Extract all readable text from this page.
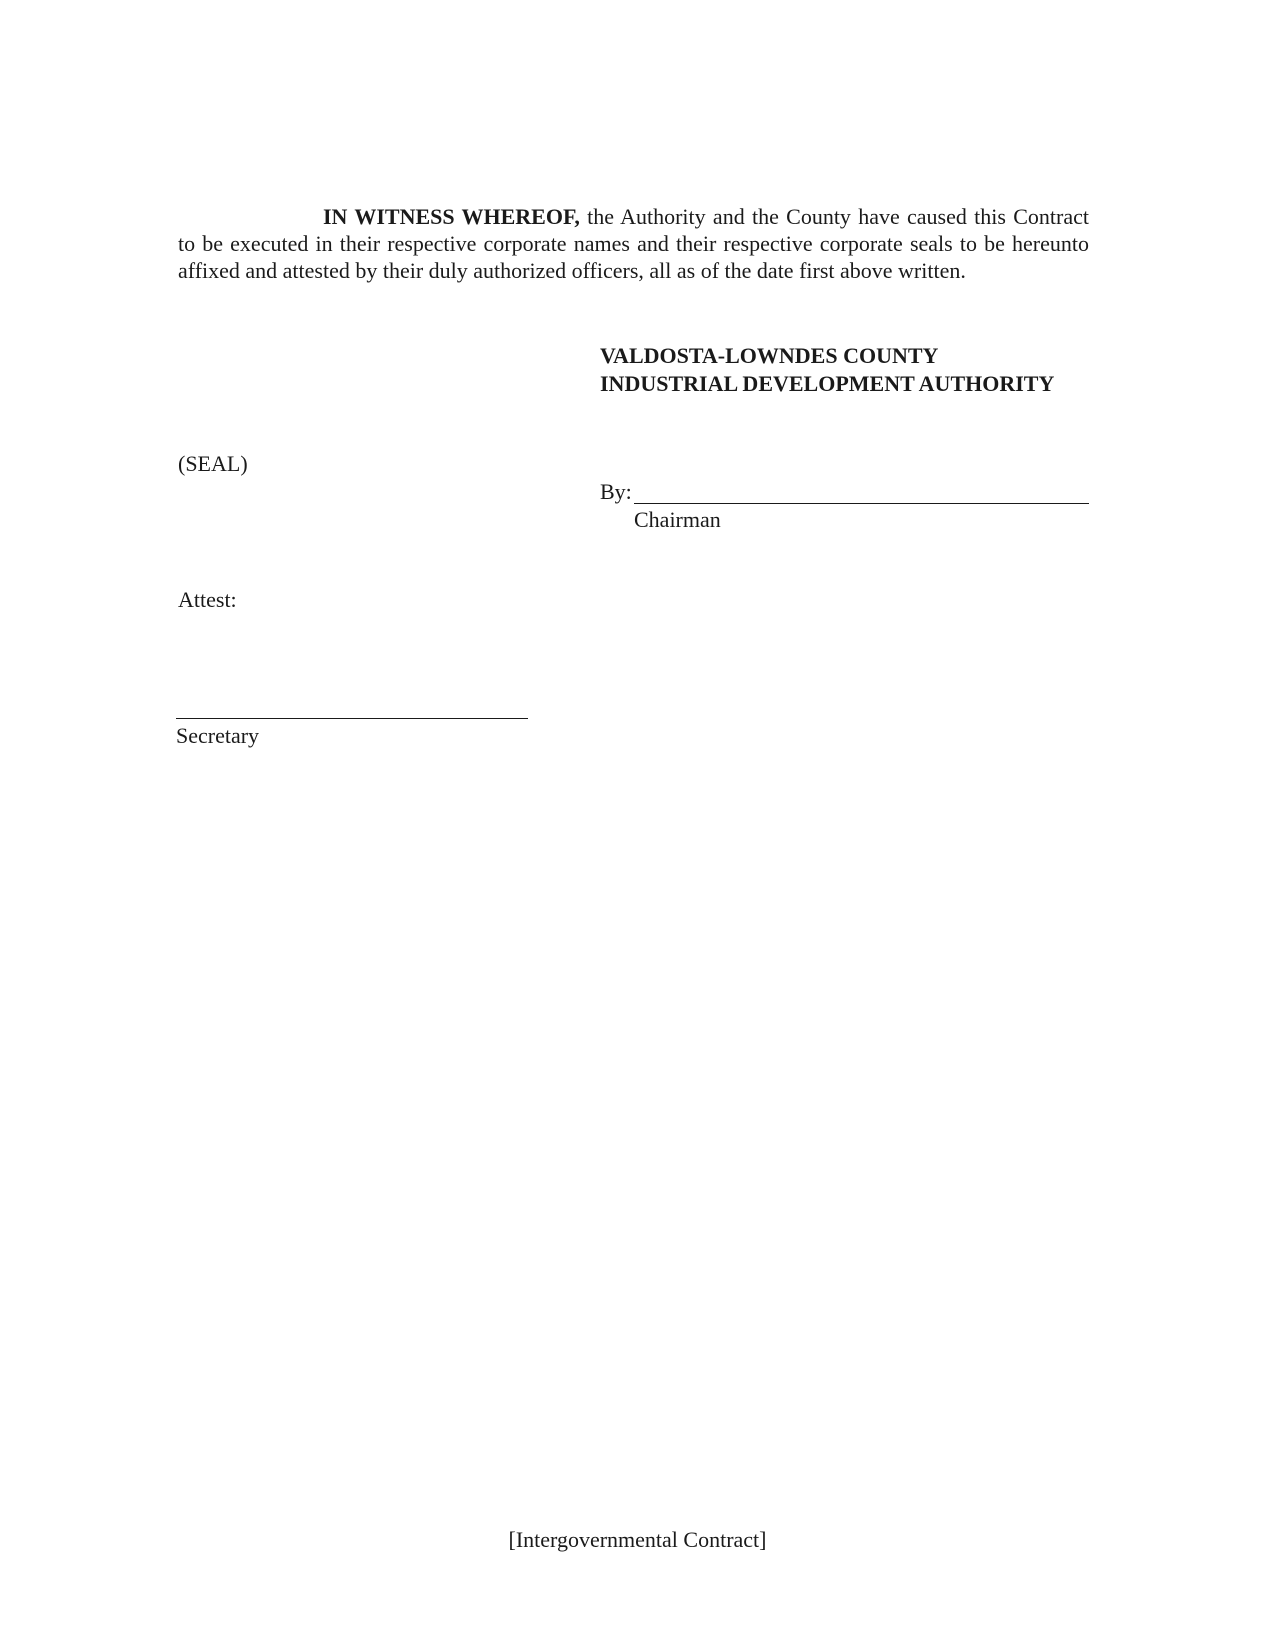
IN WITNESS WHEREOF, the Authority and the County have caused this Contract to be executed in their respective corporate names and their respective corporate seals to be hereunto affixed and attested by their duly authorized officers, all as of the date first above written.

VALDOSTA-LOWNDES COUNTY
INDUSTRIAL DEVELOPMENT AUTHORITY
(SEAL)
By:
Chairman
Attest:
Secretary
[Intergovernmental Contract]
